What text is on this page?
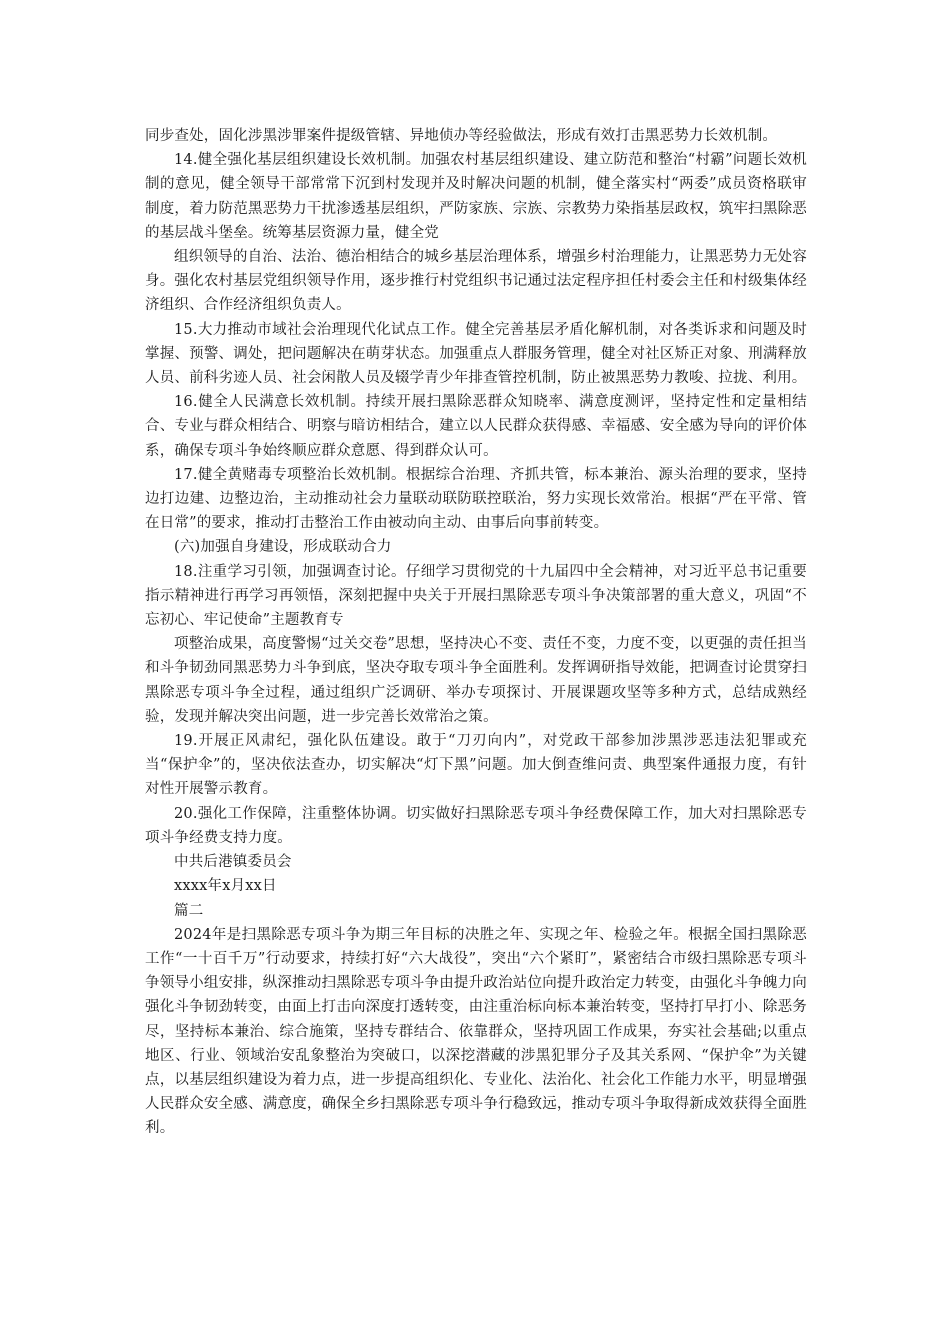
同步查处，固化涉黑涉罪案件提级管辖、异地侦办等经验做法，形成有效打击黑恶势力长效机制。

14.健全强化基层组织建设长效机制。加强农村基层组织建设、建立防范和整治“村霸”问题长效机制的意见，健全领导干部常常下沉到村发现并及时解决问题的机制，健全落实村“两委”成员资格联审制度，着力防范黑恶势力干扰渗透基层组织，严防家族、宗族、宗教势力染指基层政权，筑牢扫黑除恶的基层战斗堡垒。统筹基层资源力量，健全党

组织领导的自治、法治、德治相结合的城乡基层治理体系，增强乡村治理能力，让黑恶势力无处容身。强化农村基层党组织领导作用，逐步推行村党组织书记通过法定程序担任村委会主任和村级集体经济组织、合作经济组织负责人。

15.大力推动市域社会治理现代化试点工作。健全完善基层矛盾化解机制，对各类诉求和问题及时掌握、预警、调处，把问题解决在萌芽状态。加强重点人群服务管理，健全对社区矫正对象、刑满释放人员、前科劣迹人员、社会闲散人员及辍学青少年排查管控机制，防止被黑恶势力教唆、拉拢、利用。

16.健全人民满意长效机制。持续开展扫黑除恶群众知晓率、满意度测评，坚持定性和定量相结合、专业与群众相结合、明察与暗访相结合，建立以人民群众获得感、幸福感、安全感为导向的评价体系，确保专项斗争始终顺应群众意愿、得到群众认可。

17.健全黄赌毒专项整治长效机制。根据综合治理、齐抓共管，标本兼治、源头治理的要求，坚持边打边建、边整边治，主动推动社会力量联动联防联控联治，努力实现长效常治。根据“严在平常、管在日常”的要求，推动打击整治工作由被动向主动、由事后向事前转变。

(六)加强自身建设，形成联动合力

18.注重学习引领，加强调查讨论。仔细学习贯彻党的十九届四中全会精神，对习近平总书记重要指示精神进行再学习再领悟，深刻把握中央关于开展扫黑除恶专项斗争决策部署的重大意义，巩固“不忘初心、牢记使命”主题教育专

项整治成果，高度警惕“过关交卷”思想，坚持决心不变、责任不变，力度不变，以更强的责任担当和斗争韧劲同黑恶势力斗争到底，坚决夺取专项斗争全面胜利。发挥调研指导效能，把调查讨论贯穿扫黑除恶专项斗争全过程，通过组织广泛调研、举办专项探讨、开展课题攻坚等多种方式，总结成熟经验，发现并解决突出问题，进一步完善长效常治之策。

19.开展正风肃纪，强化队伍建设。敢于“刀刃向内”，对党政干部参加涉黑涉恶违法犯罪或充当“保护伞”的，坚决依法查办，切实解决“灯下黑”问题。加大倒查维问责、典型案件通报力度，有针对性开展警示教育。

20.强化工作保障，注重整体协调。切实做好扫黑除恶专项斗争经费保障工作，加大对扫黑除恶专项斗争经费支持力度。

中共后港镇委员会

xxxx年x月xx日

篇二

2024年是扫黑除恶专项斗争为期三年目标的决胜之年、实现之年、检验之年。根据全国扫黑除恶工作“一十百千万”行动要求，持续打好“六大战役”，突出“六个紧盯”，紧密结合市级扫黑除恶专项斗争领导小组安排，纵深推动扫黑除恶专项斗争由提升政治站位向提升政治定力转变，由强化斗争魄力向强化斗争韧劲转变，由面上打击向深度打透转变，由注重治标向标本兼治转变，坚持打早打小、除恶务尽，坚持标本兼治、综合施策，坚持专群结合、依靠群众，坚持巩固工作成果，夯实社会基础;以重点地区、行业、领域治安乱象整治为突破口，以深挖潜藏的涉黑犯罪分子及其关系网、“保护伞”为关键点，以基层组织建设为着力点，进一步提高组织化、专业化、法治化、社会化工作能力水平，明显增强人民群众安全感、满意度，确保全乡扫黑除恶专项斗争行稳致远，推动专项斗争取得新成效获得全面胜利。
